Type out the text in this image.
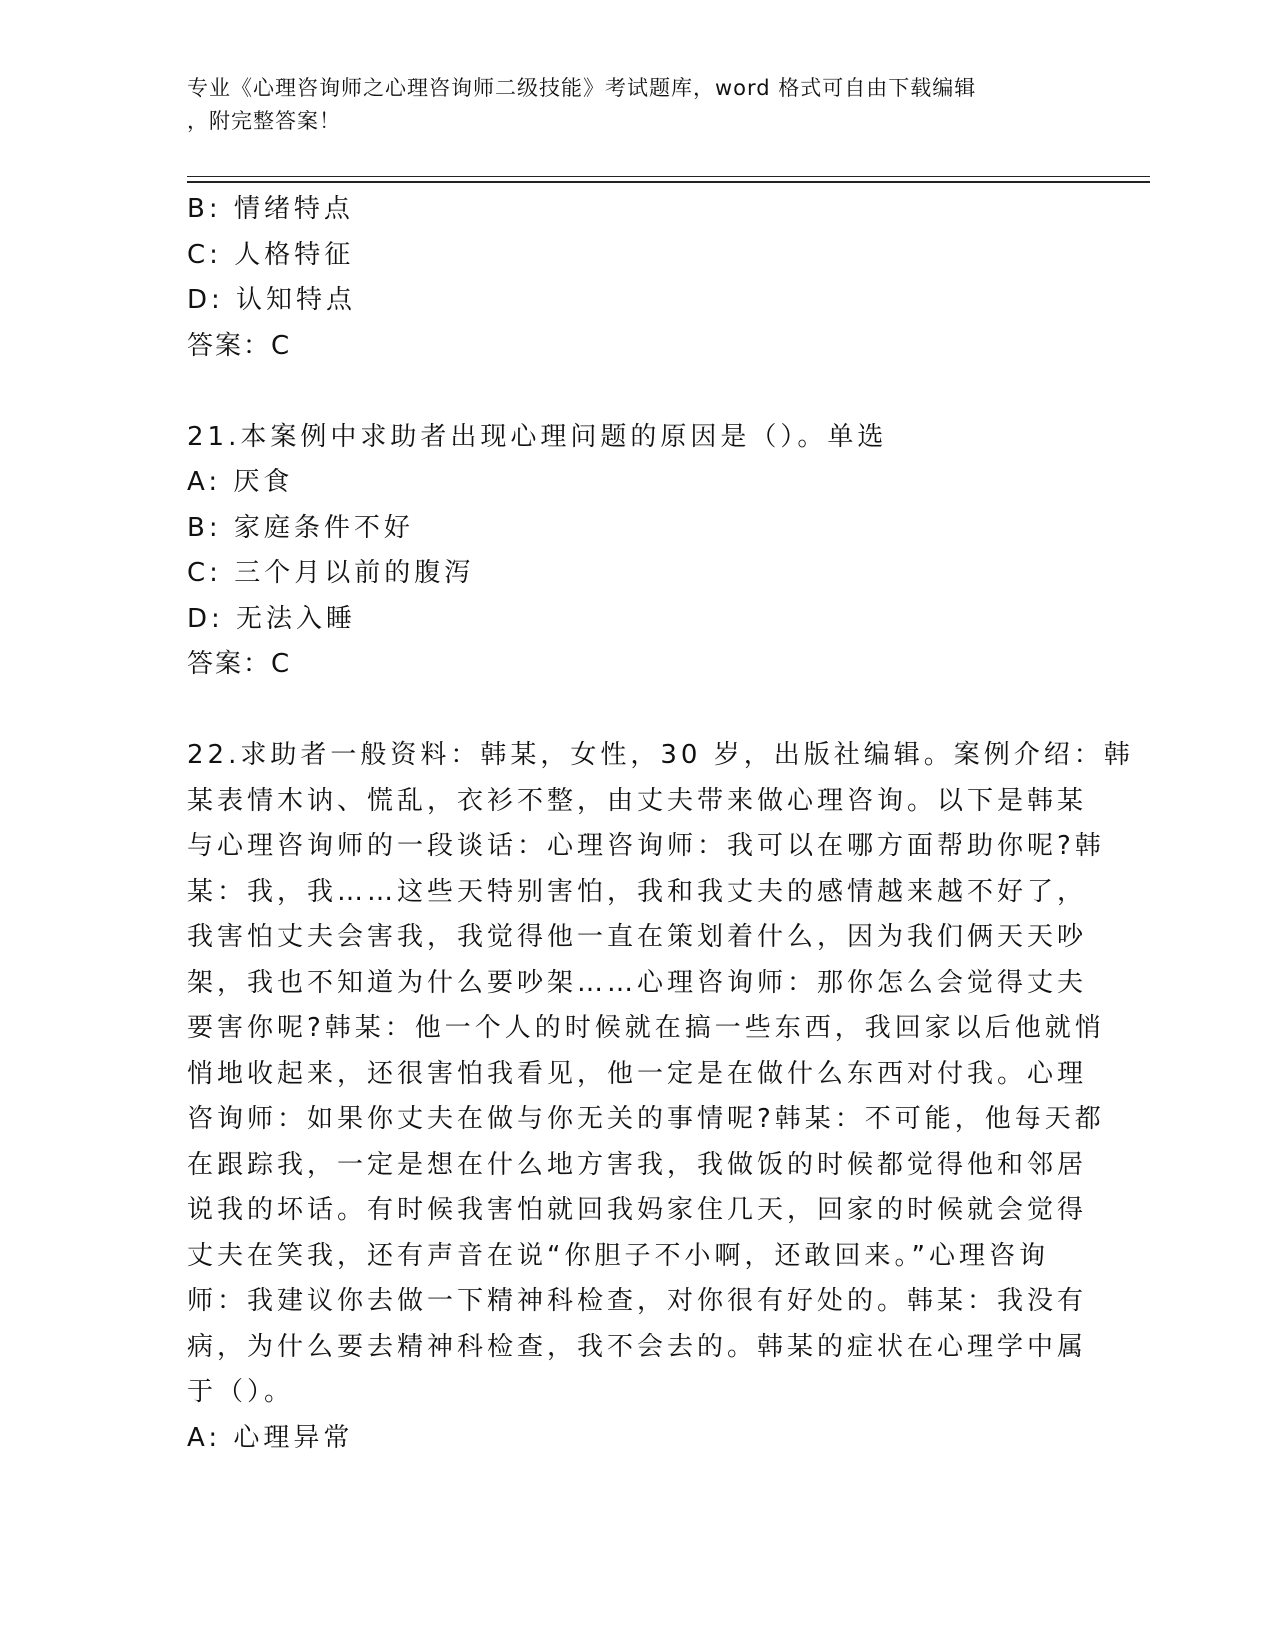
专业《心理咨询师之心理咨询师二级技能》考试题库，word 格式可自由下载编辑
，附完整答案！
B: 情绪特点
C: 人格特征
D: 认知特点
答案：C
21.本案例中求助者出现心理问题的原因是（）。单选
A: 厌食
B: 家庭条件不好
C: 三个月以前的腹泻
D: 无法入睡
答案：C
22.求助者一般资料：韩某，女性，30 岁，出版社编辑。案例介绍：韩
某表情木讷、慌乱，衣衫不整，由丈夫带来做心理咨询。以下是韩某
与心理咨询师的一段谈话：心理咨询师：我可以在哪方面帮助你呢?韩
某：我，我……这些天特别害怕，我和我丈夫的感情越来越不好了，
我害怕丈夫会害我，我觉得他一直在策划着什么，因为我们俩天天吵
架，我也不知道为什么要吵架……心理咨询师：那你怎么会觉得丈夫
要害你呢?韩某：他一个人的时候就在搞一些东西，我回家以后他就悄
悄地收起来，还很害怕我看见，他一定是在做什么东西对付我。心理
咨询师：如果你丈夫在做与你无关的事情呢?韩某：不可能，他每天都
在跟踪我，一定是想在什么地方害我，我做饭的时候都觉得他和邻居
说我的坏话。有时候我害怕就回我妈家住几天，回家的时候就会觉得
丈夫在笑我，还有声音在说“你胆子不小啊，还敢回来。”心理咨询
师：我建议你去做一下精神科检查，对你很有好处的。韩某：我没有
病，为什么要去精神科检查，我不会去的。韩某的症状在心理学中属
于（）。
A: 心理异常
